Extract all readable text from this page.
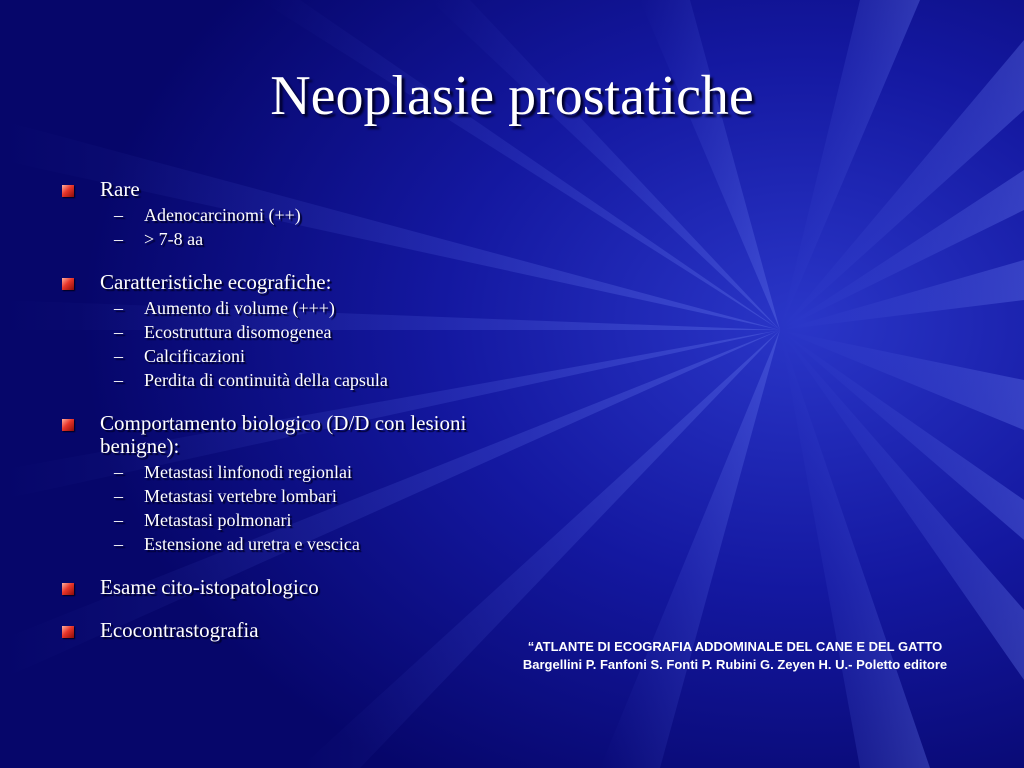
Neoplasie prostatiche
Rare
– Adenocarcinomi (++)
– > 7-8 aa
Caratteristiche ecografiche:
– Aumento di volume (+++)
– Ecostruttura disomogenea
– Calcificazioni
– Perdita di continuità della capsula
Comportamento biologico (D/D con lesioni benigne):
– Metastasi linfonodi regionlai
– Metastasi vertebre lombari
– Metastasi polmonari
– Estensione ad uretra e vescica
Esame cito-istopatologico
Ecocontrastografia
“ATLANTE DI ECOGRAFIA ADDOMINALE DEL CANE E DEL GATTO
Bargellini P. Fanfoni S. Fonti P. Rubini G. Zeyen H. U.- Poletto editore
